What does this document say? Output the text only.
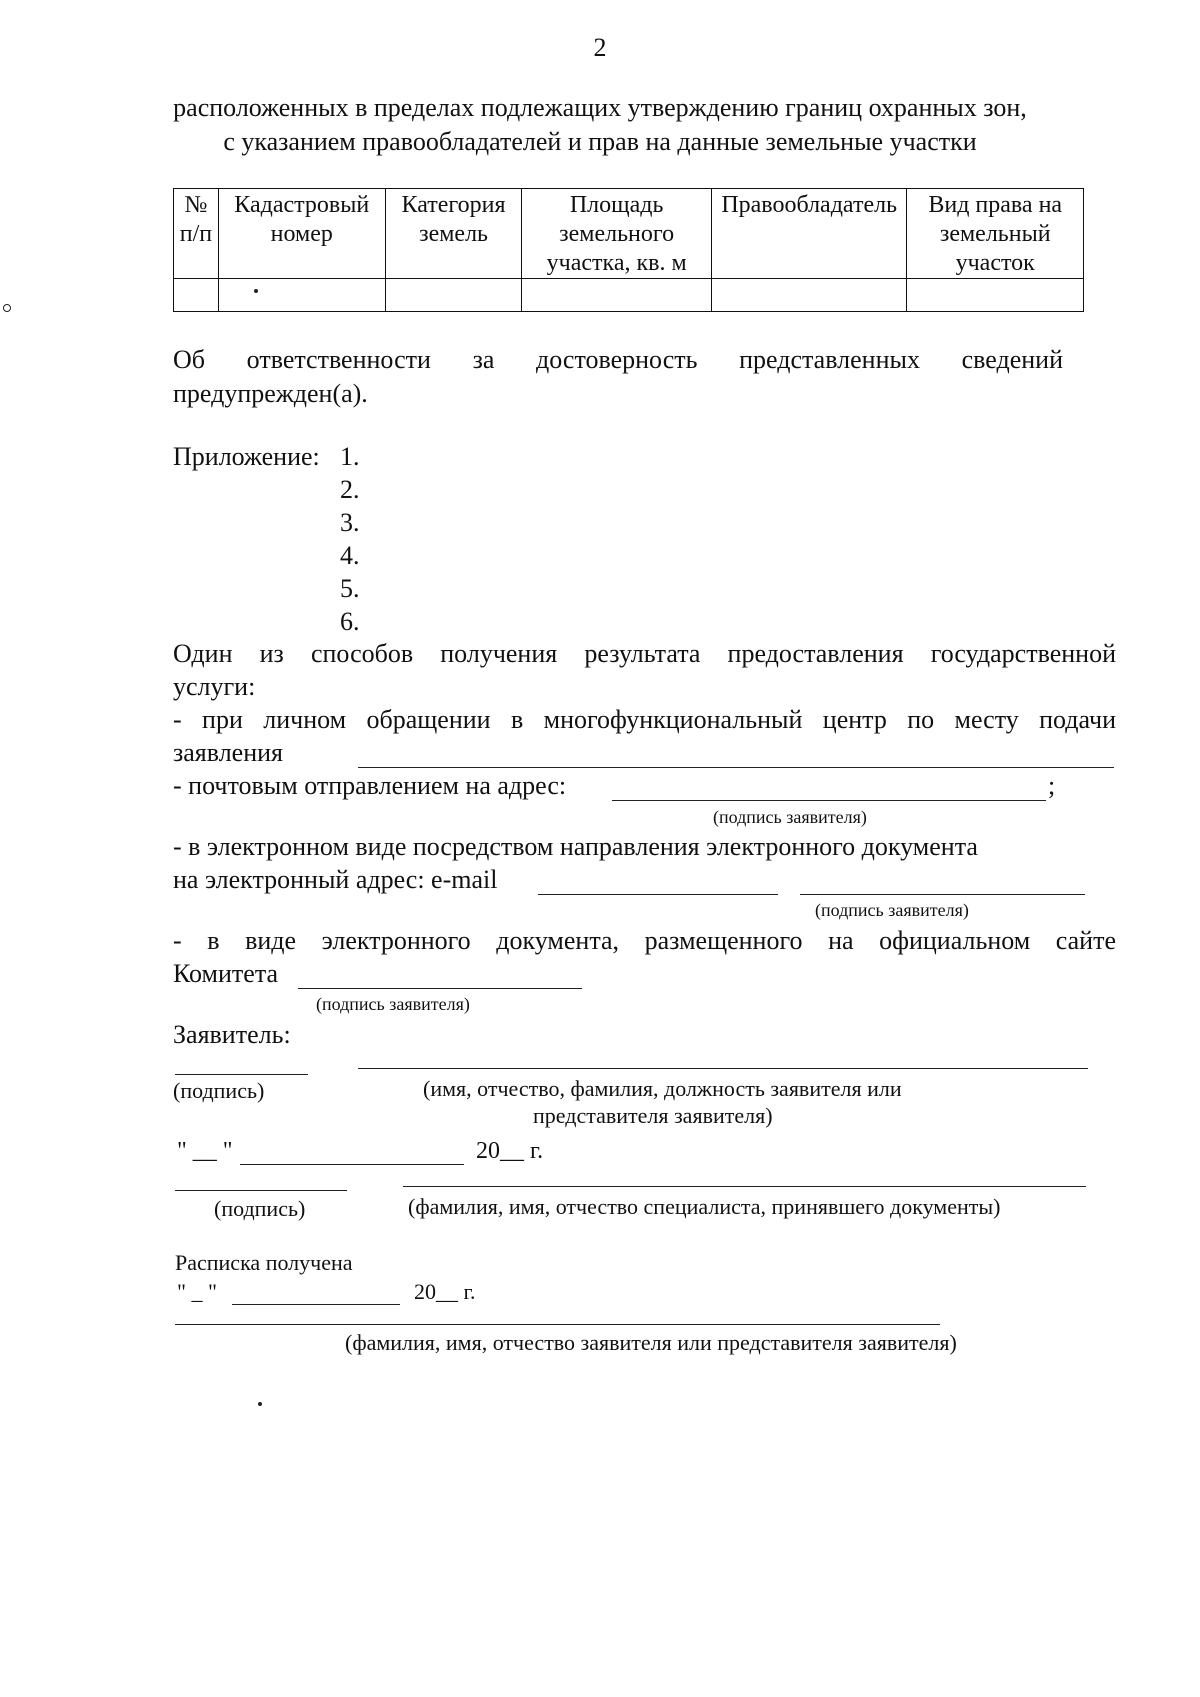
2
расположенных в пределах подлежащих утверждению границ охранных зон,
с указанием правообладателей и прав на данные земельные участки
№ п/п	Кадастровый номер	Категория земель	Площадь земельного участка, кв. м	Правообладатель	Вид права на земельный участок

Об ответственности за достоверность представленных сведений
предупрежден(а).
Приложение: 1.
2.
3.
4.
5.
6.
Один из способов получения результата предоставления государственной
услуги:
- при личном обращении в многофункциональный центр по месту подачи
заявления
- почтовым отправлением на адрес:	;
(подпись заявителя)
- в электронном виде посредством направления электронного документа
на электронный адрес: e-mail
(подпись заявителя)
- в виде электронного документа, размещенного на официальном сайте
Комитета
(подпись заявителя)
Заявитель:
(подпись)	(имя, отчество, фамилия, должность заявителя или
представителя заявителя)
" __ "	20__ г.
(подпись)	(фамилия, имя, отчество специалиста, принявшего документы)
Расписка получена
" _ "	20__ г.
(фамилия, имя, отчество заявителя или представителя заявителя)
